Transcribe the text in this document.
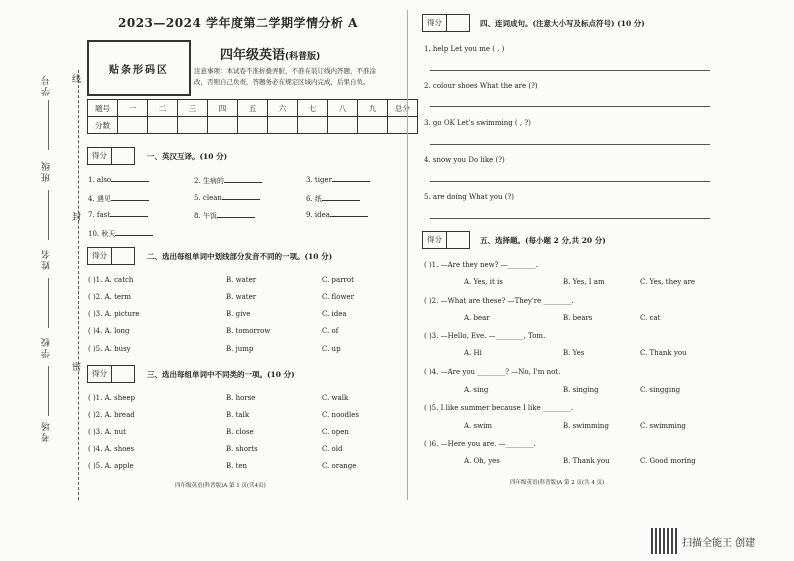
学号
班级
姓名
学校
考场
线
封
密
2023—2024 学年度第二学期学情分析 A
贴条形码区
四年级英语(科普版)
注意事项：本试卷不准折叠弄脏，不准在装订线内答题，不准涂改，否则自己负责，答题务必在规定区域内完成，后果自负。
题号	一	二	三	四	五	六	七	八	九	总分
分数										
得分	一、英汉互译。(10 分)
1. also	2. 生病的	3. tiger
4. 遇见	5. clean	6. 纸
7. fast	8. 午饭	9. idea
10. 秋天
得分	二、选出每组单词中划线部分发音不同的一项。(10 分)
( )1. A. catch	B. water	C. parrot
( )2. A. term	B. water	C. flower
( )3. A. picture	B. give	C. idea
( )4. A. long	B. tomorrow	C. of
( )5. A. busy	B. jump	C. up
得分	三、选出每组单词中不同类的一项。(10 分)
( )1. A. sheep	B. horse	C. walk
( )2. A. bread	B. talk	C. noodles
( )3. A. nut	B. close	C. open
( )4. A. shoes	B. shorts	C. old
( )5. A. apple	B. ten	C. orange
四年级英语(科普版)A 第 1 页(共4页)
得分	四、连词成句。(注意大小写及标点符号) (10 分)
1. help Let you me ( . )
2. colour shoes What the are (?)
3. go OK Let's swimming ( , ?)
4. snow you Do like (?)
5. are doing What you (?)
得分	五、选择题。(每小题 2 分,共 20 分)
( )1. —Are they new? —________.
A. Yes, it is	B. Yes, I am	C. Yes, they are
( )2. —What are these? —They're ________.
A. bear	B. bears	C. cat
( )3. —Hello, Eve. —________, Tom.
A. Hi	B. Yes	C. Thank you
( )4. —Are you ________? —No, I'm not.
A. sing	B. singing	C. singging
( )5. I like summer because I like ________.
A. swim	B. swimming	C. swimming
( )6. —Here you are. —________.
A. Oh, yes	B. Thank you	C. Good moring
四年级英语(科普版)A 第 2 页(共 4 页)
扫描全能王 创建
